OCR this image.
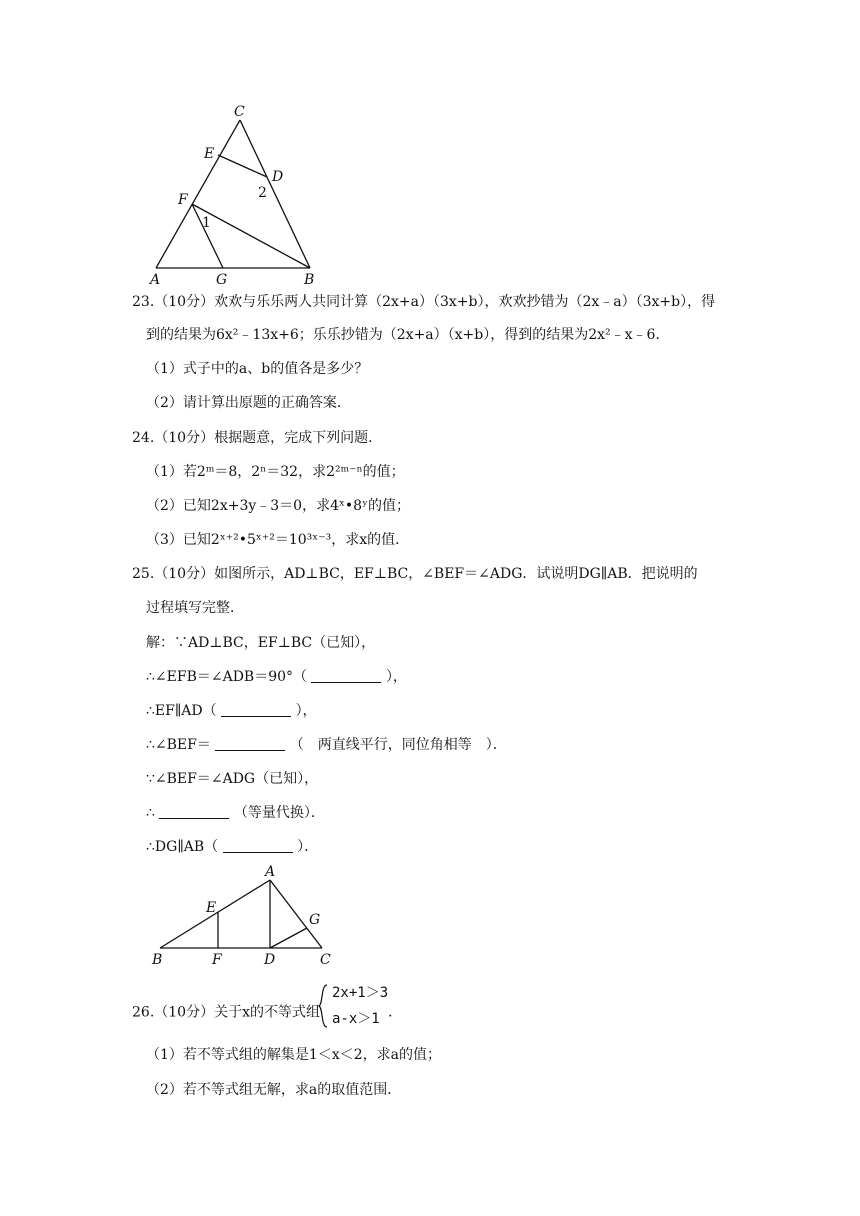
C
E
D
2
F
1
A	G	B
23.（10分）欢欢与乐乐两人共同计算（2x+a）（3x+b），欢欢抄错为（2x﹣a）（3x+b），得
到的结果为6x²﹣13x+6；乐乐抄错为（2x+a）（x+b），得到的结果为2x²﹣x﹣6．
（1）式子中的a、b的值各是多少？
（2）请计算出原题的正确答案．
24.（10分）根据题意，完成下列问题．
（1）若2ᵐ＝8，2ⁿ＝32，求2²ᵐ⁻ⁿ的值；
（2）已知2x+3y﹣3＝0，求4ˣ•8ʸ的值；
（3）已知2ˣ⁺²•5ˣ⁺²＝10³ˣ⁻³，求x的值．
25.（10分）如图所示，AD⊥BC，EF⊥BC，∠BEF＝∠ADG．试说明DG∥AB．把说明的
过程填写完整．
解：∵AD⊥BC，EF⊥BC（已知），
∴∠EFB＝∠ADB＝90°（	），
∴EF∥AD（	），
∴∠BEF＝	（　两直线平行，同位角相等　）．
∵∠BEF＝∠ADG（已知），
∴	（等量代换）．
∴DG∥AB（	）．
A
E
G
B	F	D	C
26.（10分）关于x的不等式组
2x+1＞3
a-x＞1 ．
（1）若不等式组的解集是1＜x＜2，求a的值；
（2）若不等式组无解，求a的取值范围．
